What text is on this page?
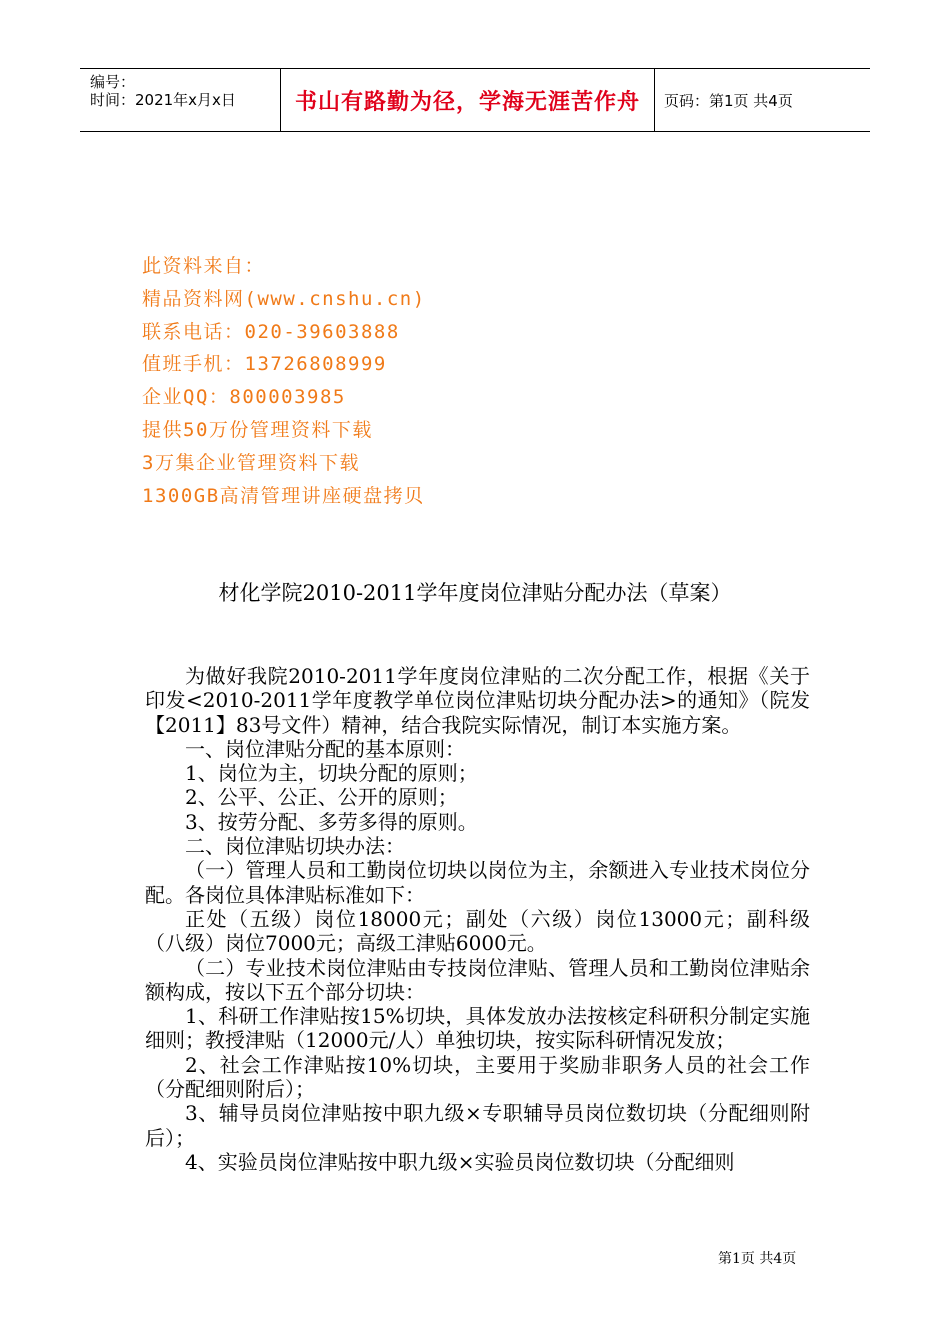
编号：
时间：2021年x月x日	书山有路勤为径，学海无涯苦作舟 页码：第1页 共4页
此资料来自：
精品资料网(www.cnshu.cn)
联系电话：020-39603888
值班手机：13726808999
企业QQ：800003985
提供50万份管理资料下载
3万集企业管理资料下载
1300GB高清管理讲座硬盘拷贝
材化学院2010-2011学年度岗位津贴分配办法（草案）

为做好我院2010-2011学年度岗位津贴的二次分配工作，根据《关于印发<2010-2011学年度教学单位岗位津贴切块分配办法>的通知》（院发【2011】83号文件）精神，结合我院实际情况，制订本实施方案。

一、岗位津贴分配的基本原则：

1、岗位为主，切块分配的原则；

2、公平、公正、公开的原则；

3、按劳分配、多劳多得的原则。

二、岗位津贴切块办法：

（一）管理人员和工勤岗位切块以岗位为主，余额进入专业技术岗位分配。各岗位具体津贴标准如下：

正处（五级）岗位18000元；副处（六级）岗位13000元；副科级（八级）岗位7000元；高级工津贴6000元。

（二）专业技术岗位津贴由专技岗位津贴、管理人员和工勤岗位津贴余额构成，按以下五个部分切块：

1、科研工作津贴按15%切块，具体发放办法按核定科研积分制定实施细则；教授津贴（12000元/人）单独切块，按实际科研情况发放；

2、社会工作津贴按10%切块，主要用于奖励非职务人员的社会工作（分配细则附后）；

3、辅导员岗位津贴按中职九级×专职辅导员岗位数切块（分配细则附后）；

4、实验员岗位津贴按中职九级×实验员岗位数切块（分配细则

第1页 共4页
